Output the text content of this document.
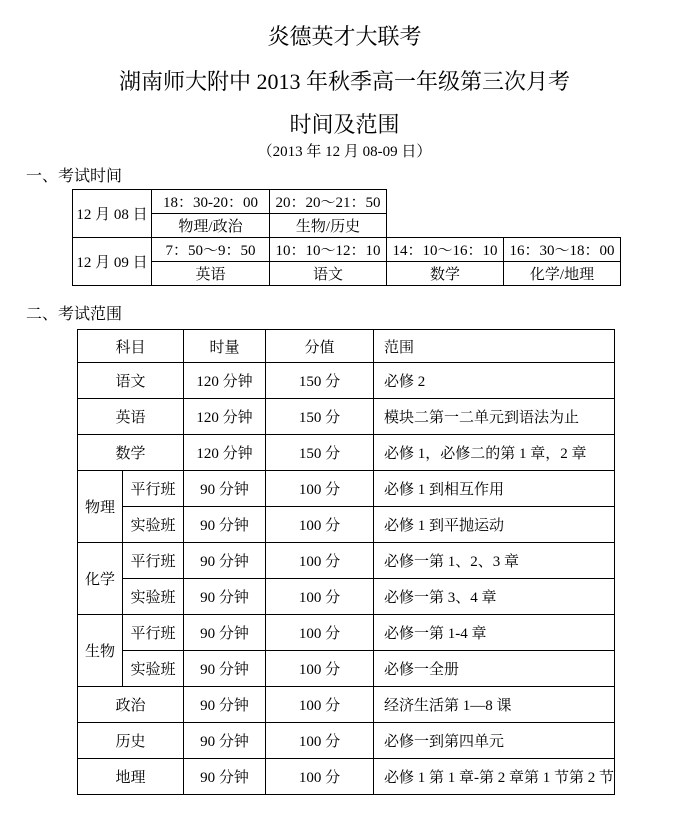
炎德英才大联考
湖南师大附中 2013 年秋季高一年级第三次月考
时间及范围
（2013 年 12 月 08-09 日）
一、考试时间
12 月 08 日	18：30-20：00	20：20～21：50		
	物理/政治	生物/历史		
12 月 09 日	7：50～9：50	10：10～12：10	14：10～16：10	16：30～18：00
	英语	语文	数学	化学/地理
二、考试范围
科目		时量	分值	范围
语文		120 分钟	150 分	必修 2
英语		120 分钟	150 分	模块二第一二单元到语法为止
数学		120 分钟	150 分	必修 1，必修二的第 1 章，2 章
物理	平行班	90 分钟	100 分	必修 1 到相互作用
	实验班	90 分钟	100 分	必修 1 到平抛运动
化学	平行班	90 分钟	100 分	必修一第 1、2、3 章
	实验班	90 分钟	100 分	必修一第 3、4 章
生物	平行班	90 分钟	100 分	必修一第 1-4 章
	实验班	90 分钟	100 分	必修一全册
政治		90 分钟	100 分	经济生活第 1—8 课
历史		90 分钟	100 分	必修一到第四单元
地理		90 分钟	100 分	必修 1 第 1 章-第 2 章第 1 节第 2 节
